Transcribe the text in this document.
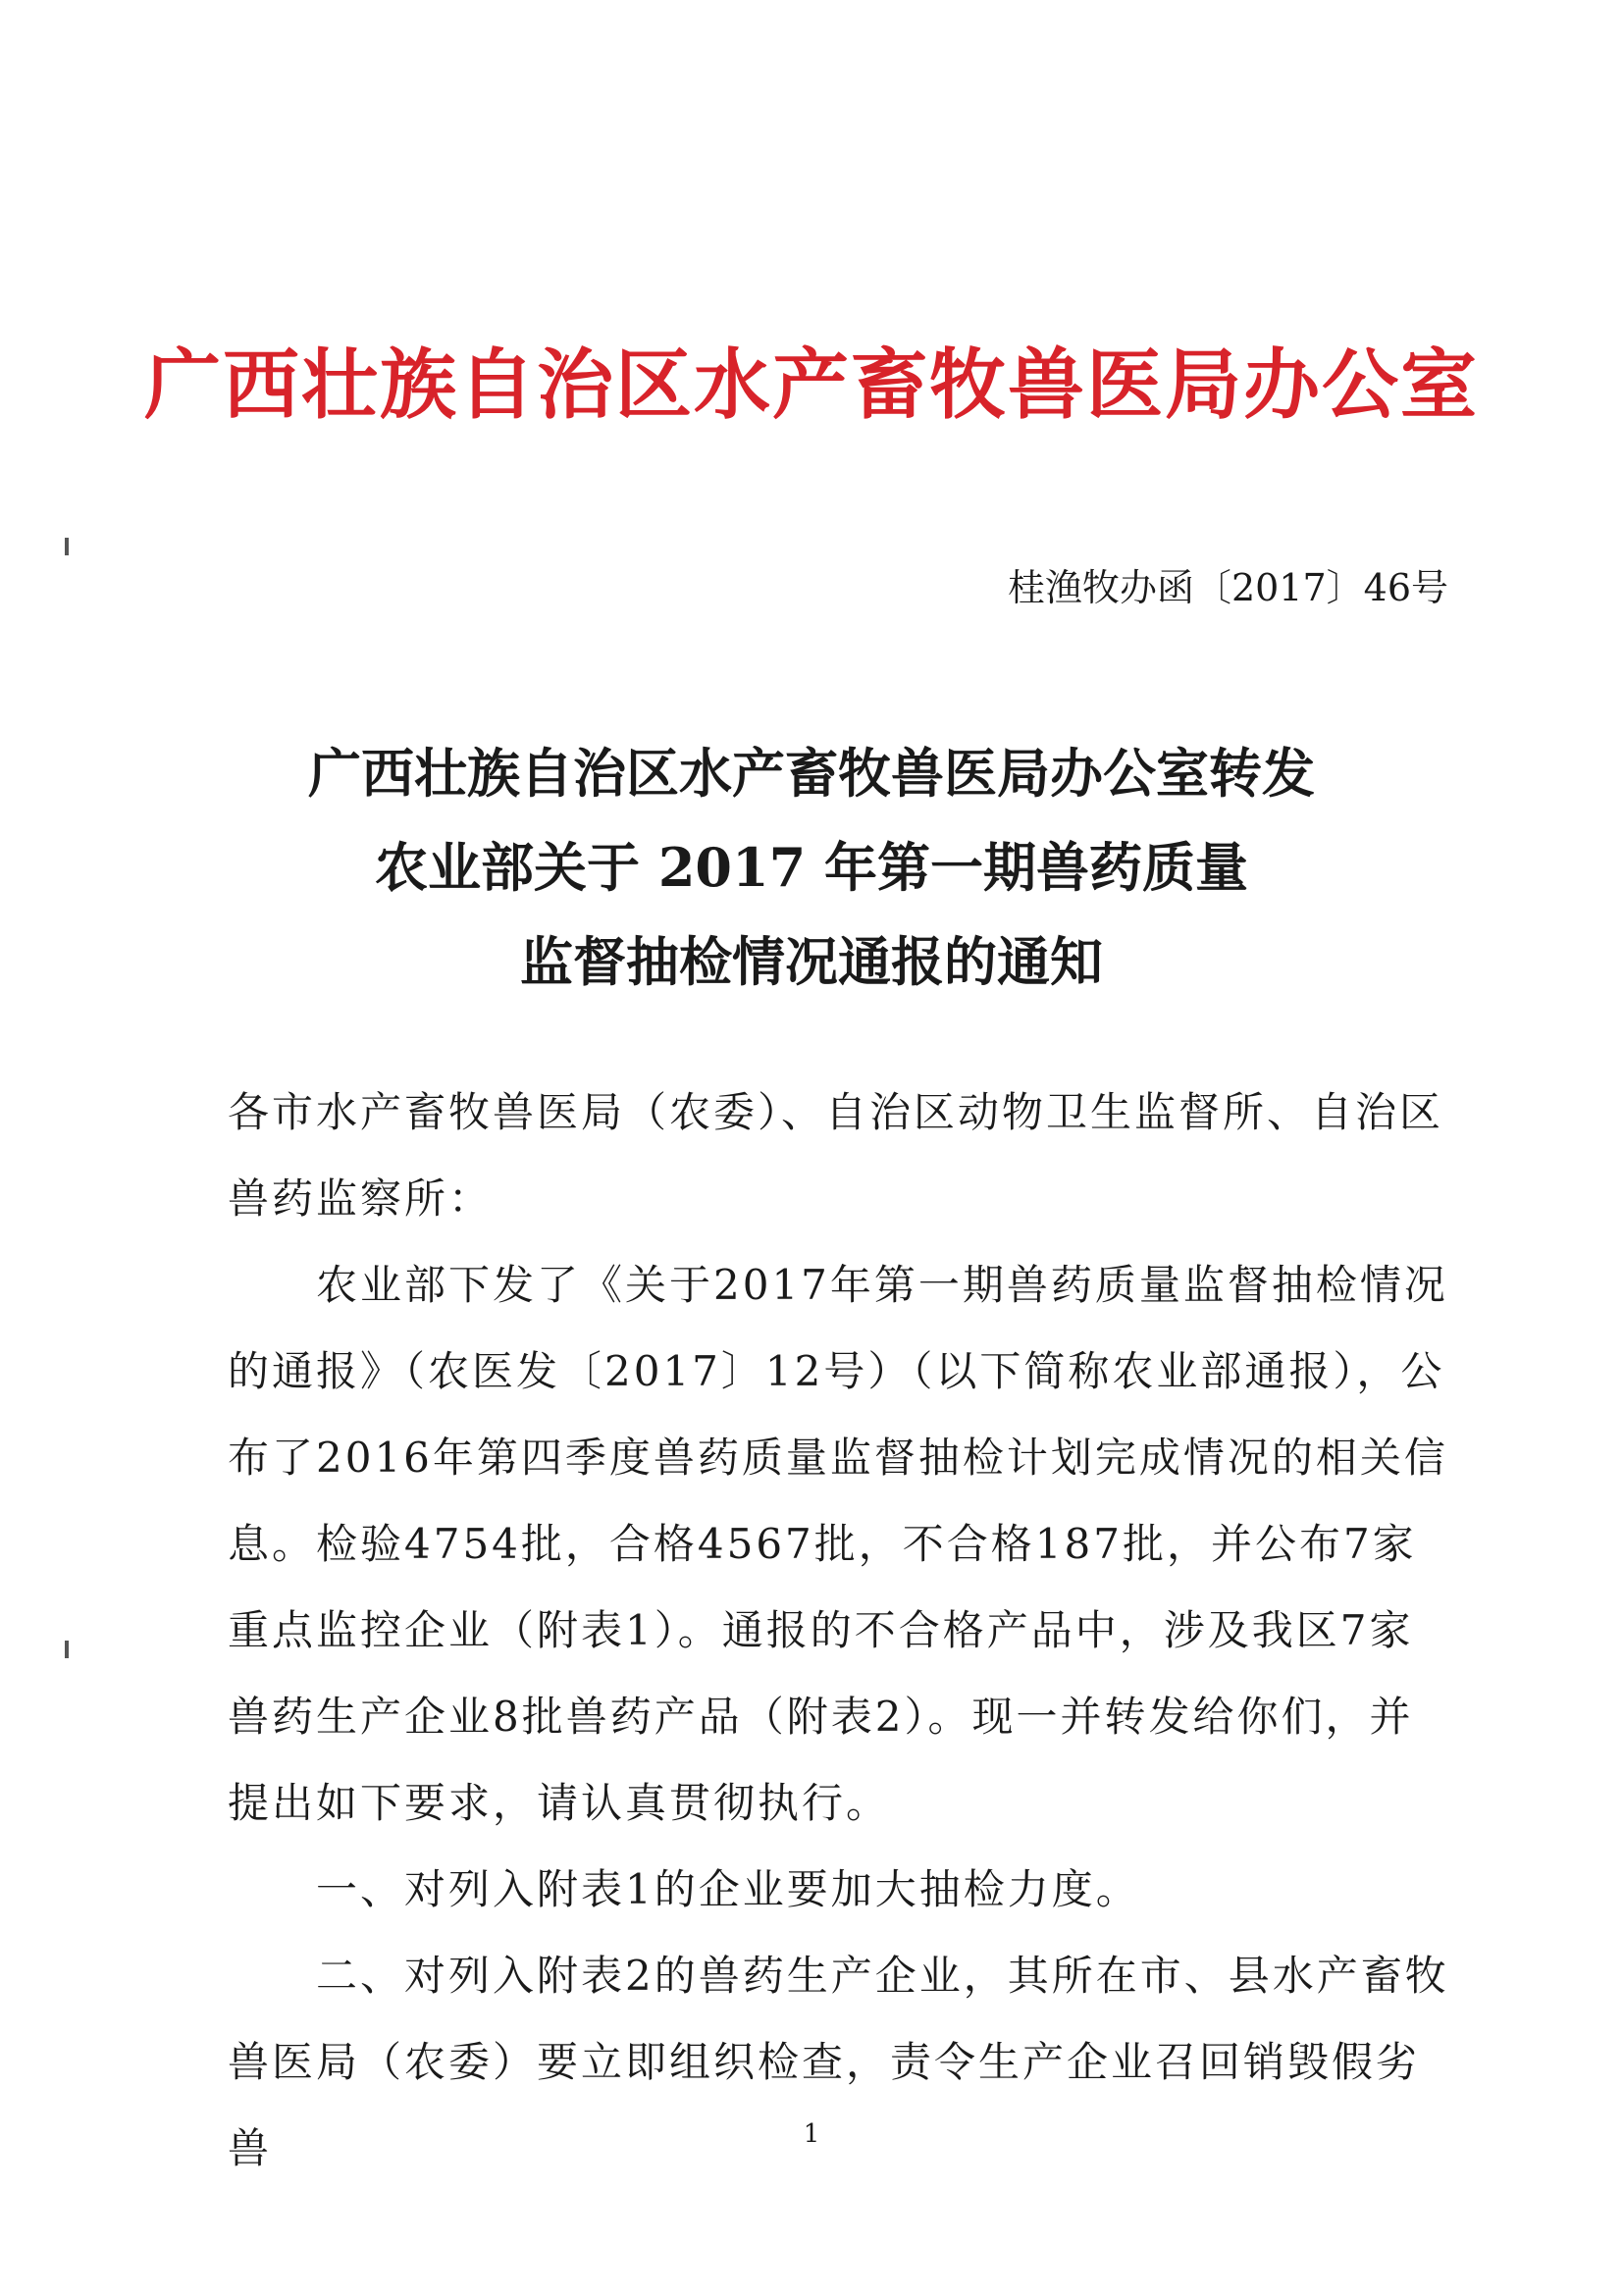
广西壮族自治区水产畜牧兽医局办公室
桂渔牧办函〔2017〕46号
广西壮族自治区水产畜牧兽医局办公室转发
农业部关于 2017 年第一期兽药质量
监督抽检情况通报的通知

各市水产畜牧兽医局（农委）、自治区动物卫生监督所、自治区兽药监察所：

农业部下发了《关于2017年第一期兽药质量监督抽检情况的通报》（农医发〔2017〕12号）（以下简称农业部通报），公布了2016年第四季度兽药质量监督抽检计划完成情况的相关信息。检验4754批，合格4567批，不合格187批，并公布7家重点监控企业（附表1）。通报的不合格产品中，涉及我区7家兽药生产企业8批兽药产品（附表2）。现一并转发给你们，并提出如下要求，请认真贯彻执行。

一、对列入附表1的企业要加大抽检力度。

二、对列入附表2的兽药生产企业，其所在市、县水产畜牧兽医局（农委）要立即组织检查，责令生产企业召回销毁假劣兽	1
